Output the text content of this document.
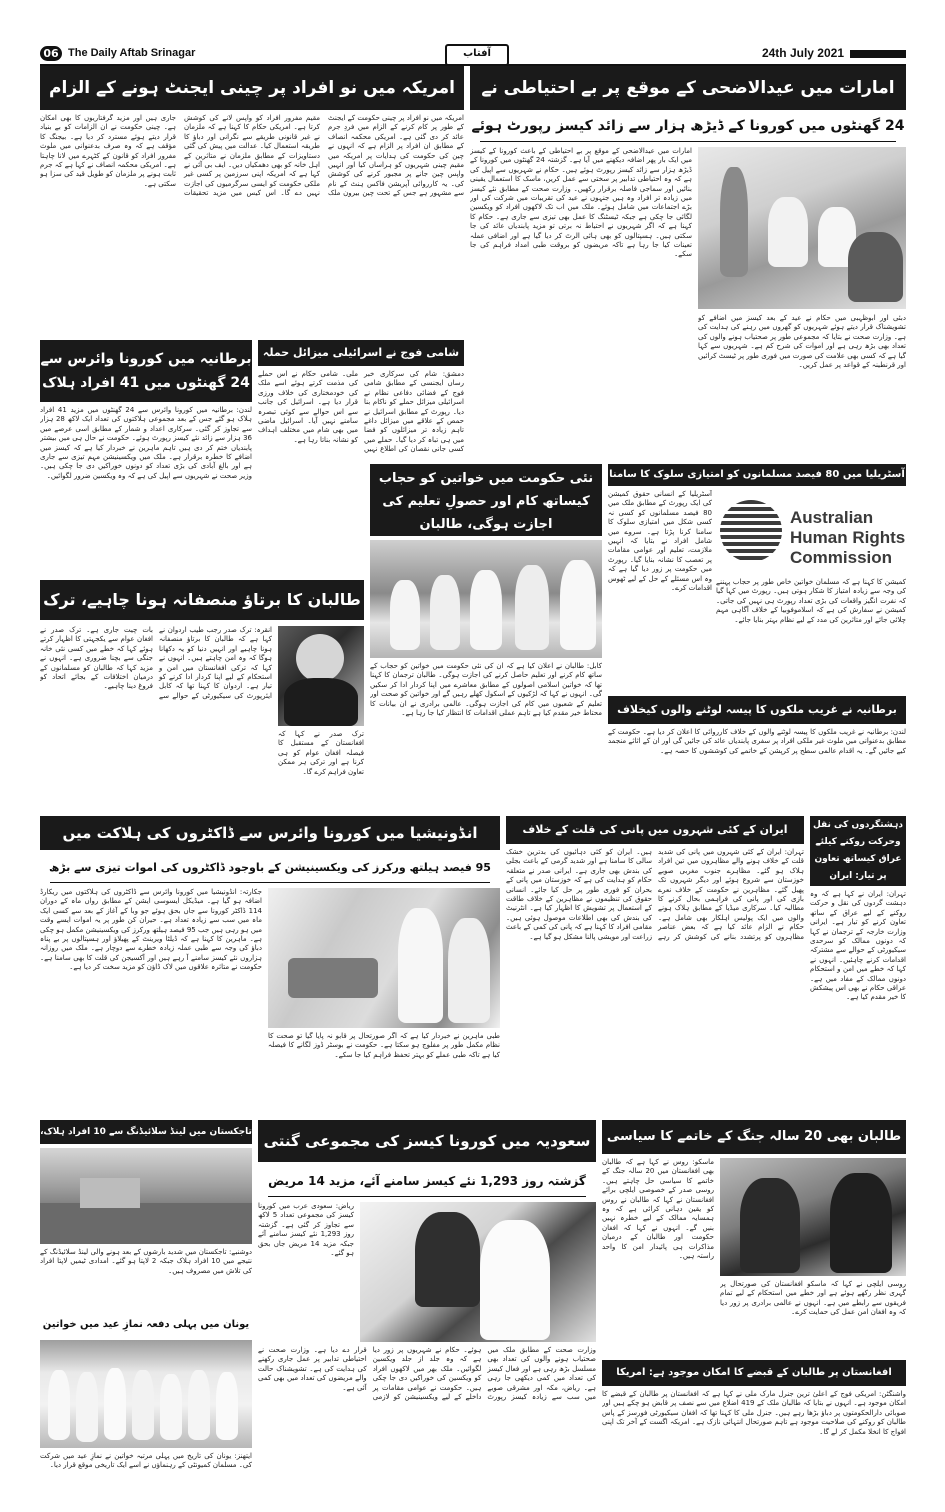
06 The Daily Aftab Srinagar	آفتاب	24th July 2021
امارات میں عیدالاضحی کے موقع پر بے احتیاطی نے
24 گھنٹوں میں کورونا کے ڈیڑھ ہزار سے زائد کیسز رپورٹ ہوئے
امارات میں عیدالاضحی کے موقع پر بے احتیاطی کے باعث کورونا کے کیسز میں ایک بار پھر اضافہ دیکھنے میں آیا ہے۔ گزشتہ 24 گھنٹوں میں کورونا کے ڈیڑھ ہزار سے زائد کیسز رپورٹ ہوئے ہیں۔ حکام نے شہریوں سے اپیل کی ہے کہ وہ احتیاطی تدابیر پر سختی سے عمل کریں، ماسک کا استعمال یقینی بنائیں اور سماجی فاصلہ برقرار رکھیں۔ وزارت صحت کے مطابق نئے کیسز میں زیادہ تر افراد وہ ہیں جنہوں نے عید کی تقریبات میں شرکت کی اور بڑے اجتماعات میں شامل ہوئے۔ ملک میں اب تک لاکھوں افراد کو ویکسین لگائی جا چکی ہے جبکہ ٹیسٹنگ کا عمل بھی تیزی سے جاری ہے۔ حکام کا کہنا ہے کہ اگر شہریوں نے احتیاط نہ برتی تو مزید پابندیاں عائد کی جا سکتی ہیں۔ ہسپتالوں کو بھی ہائی الرٹ کر دیا گیا ہے اور اضافی عملہ تعینات کیا جا رہا ہے تاکہ مریضوں کو بروقت طبی امداد فراہم کی جا سکے۔
دبئی اور ابوظہبی میں حکام نے عید کے بعد کیسز میں اضافے کو تشویشناک قرار دیتے ہوئے شہریوں کو گھروں میں رہنے کی ہدایت کی ہے۔ وزارت صحت نے بتایا کہ مجموعی طور پر صحتیاب ہونے والوں کی تعداد بھی بڑھ رہی ہے اور اموات کی شرح کم ہے۔ شہریوں سے کہا گیا ہے کہ کسی بھی علامت کی صورت میں فوری طور پر ٹیسٹ کرائیں اور قرنطینہ کے قواعد پر عمل کریں۔
امریکہ میں نو افراد پر چینی ایجنٹ ہونے کے الزام
امریکہ میں نو افراد پر چینی حکومت کے ایجنٹ کے طور پر کام کرنے کے الزام میں فردِ جرم عائد کر دی گئی ہے۔ امریکی محکمہ انصاف کے مطابق ان افراد پر الزام ہے کہ انہوں نے چین کی حکومت کی ہدایات پر امریکہ میں مقیم چینی شہریوں کو ہراساں کیا اور انہیں واپس چین جانے پر مجبور کرنے کی کوشش کی۔ یہ کارروائی آپریشن فاکس ہنٹ کے نام سے مشہور ہے جس کے تحت چین بیرون ملک مقیم مفرور افراد کو واپس لانے کی کوشش کرتا ہے۔ امریکی حکام کا کہنا ہے کہ ملزمان نے غیر قانونی طریقے سے نگرانی اور دباؤ کا طریقہ استعمال کیا۔ عدالت میں پیش کی گئی دستاویزات کے مطابق ملزمان نے متاثرین کے اہل خانہ کو بھی دھمکیاں دیں۔ ایف بی آئی نے کہا ہے کہ امریکہ اپنی سرزمین پر کسی غیر ملکی حکومت کو ایسی سرگرمیوں کی اجازت نہیں دے گا۔ اس کیس میں مزید تحقیقات جاری ہیں اور مزید گرفتاریوں کا بھی امکان ہے۔ چینی حکومت نے ان الزامات کو بے بنیاد قرار دیتے ہوئے مسترد کر دیا ہے۔ بیجنگ کا مؤقف ہے کہ وہ صرف بدعنوانی میں ملوث مفرور افراد کو قانون کے کٹہرے میں لانا چاہتا ہے۔ امریکی محکمہ انصاف نے کہا ہے کہ جرم ثابت ہونے پر ملزمان کو طویل قید کی سزا ہو سکتی ہے۔
برطانیہ میں کورونا وائرس سے 24 گھنٹوں میں 41 افراد ہلاک
لندن: برطانیہ میں کورونا وائرس سے 24 گھنٹوں میں مزید 41 افراد ہلاک ہو گئے جس کے بعد مجموعی ہلاکتوں کی تعداد ایک لاکھ 28 ہزار سے تجاوز کر گئی۔ سرکاری اعداد و شمار کے مطابق اسی عرصے میں 36 ہزار سے زائد نئے کیسز رپورٹ ہوئے۔ حکومت نے حال ہی میں بیشتر پابندیاں ختم کر دی ہیں تاہم ماہرین نے خبردار کیا ہے کہ کیسز میں اضافے کا خطرہ برقرار ہے۔ ملک میں ویکسینیشن مہم تیزی سے جاری ہے اور بالغ آبادی کی بڑی تعداد کو دونوں خوراکیں دی جا چکی ہیں۔ وزیر صحت نے شہریوں سے اپیل کی ہے کہ وہ ویکسین ضرور لگوائیں۔
شامی فوج نے اسرائیلی میزائل حملہ
دمشق: شام کی سرکاری خبر رساں ایجنسی کے مطابق شامی فوج کے فضائی دفاعی نظام نے اسرائیلی میزائل حملے کو ناکام بنا دیا۔ رپورٹ کے مطابق اسرائیل نے حمص کے علاقے میں میزائل داغے تاہم زیادہ تر میزائلوں کو فضا میں ہی تباہ کر دیا گیا۔ حملے میں کسی جانی نقصان کی اطلاع نہیں ملی۔ شامی حکام نے اس حملے کی مذمت کرتے ہوئے اسے ملک کی خودمختاری کی خلاف ورزی قرار دیا ہے۔ اسرائیل کی جانب سے اس حوالے سے کوئی تبصرہ سامنے نہیں آیا۔ اسرائیل ماضی میں بھی شام میں مختلف اہداف کو نشانہ بناتا رہا ہے۔
آسٹریلیا میں 80 فیصد مسلمانوں کو امتیازی سلوک کا سامنا
Australian
Human Rights
Commission
آسٹریلیا کے انسانی حقوق کمیشن کی ایک رپورٹ کے مطابق ملک میں 80 فیصد مسلمانوں کو کسی نہ کسی شکل میں امتیازی سلوک کا سامنا کرنا پڑتا ہے۔ سروے میں شامل افراد نے بتایا کہ انہیں ملازمت، تعلیم اور عوامی مقامات پر تعصب کا نشانہ بنایا گیا۔ رپورٹ میں حکومت پر زور دیا گیا ہے کہ وہ اس مسئلے کے حل کے لیے ٹھوس اقدامات کرے۔
کمیشن کا کہنا ہے کہ مسلمان خواتین خاص طور پر حجاب پہننے کی وجہ سے زیادہ امتیاز کا شکار ہوتی ہیں۔ رپورٹ میں کہا گیا کہ نفرت انگیز واقعات کی بڑی تعداد رپورٹ ہی نہیں کی جاتی۔ کمیشن نے سفارش کی ہے کہ اسلاموفوبیا کے خلاف آگاہی مہم چلائی جائے اور متاثرین کی مدد کے لیے نظام بہتر بنایا جائے۔
نئی حکومت میں خواتین کو حجاب کیساتھ کام اور حصولِ تعلیم کی اجازت ہوگی، طالبان
کابل: طالبان نے اعلان کیا ہے کہ ان کی نئی حکومت میں خواتین کو حجاب کے ساتھ کام کرنے اور تعلیم حاصل کرنے کی اجازت ہوگی۔ طالبان ترجمان کا کہنا تھا کہ خواتین اسلامی اصولوں کے مطابق معاشرے میں اپنا کردار ادا کر سکیں گی۔ انہوں نے کہا کہ لڑکیوں کے اسکول کھلے رہیں گے اور خواتین کو صحت اور تعلیم کے شعبوں میں کام کی اجازت ہوگی۔ عالمی برادری نے ان بیانات کا محتاط خیر مقدم کیا ہے تاہم عملی اقدامات کا انتظار کیا جا رہا ہے۔
طالبان کا برتاؤ منصفانہ ہونا چاہیے، ترک
انقرہ: ترک صدر رجب طیب اردوان نے کہا ہے کہ طالبان کا برتاؤ منصفانہ ہونا چاہیے اور انہیں دنیا کو یہ دکھانا ہوگا کہ وہ امن چاہتے ہیں۔ انہوں نے کہا کہ ترکی افغانستان میں امن و استحکام کے لیے اپنا کردار ادا کرنے کو تیار ہے۔ اردوان کا کہنا تھا کہ کابل ایئرپورٹ کی سیکیورٹی کے حوالے سے بات چیت جاری ہے۔ ترک صدر نے افغان عوام سے یکجہتی کا اظہار کرتے ہوئے کہا کہ خطے میں کسی نئی خانہ جنگی سے بچنا ضروری ہے۔ انہوں نے مزید کہا کہ طالبان کو مسلمانوں کے درمیان اختلافات کے بجائے اتحاد کو فروغ دینا چاہیے۔
ترک صدر نے کہا کہ افغانستان کے مستقبل کا فیصلہ افغان عوام کو ہی کرنا ہے اور ترکی ہر ممکن تعاون فراہم کرے گا۔
برطانیہ نے غریب ملکوں کا پیسہ لوٹنے والوں کیخلاف
لندن: برطانیہ نے غریب ملکوں کا پیسہ لوٹنے والوں کے خلاف کارروائی کا اعلان کر دیا ہے۔ حکومت کے مطابق بدعنوانی میں ملوث غیر ملکی افراد پر سفری پابندیاں عائد کی جائیں گی اور ان کے اثاثے منجمد کیے جائیں گے۔ یہ اقدام عالمی سطح پر کرپشن کے خاتمے کی کوششوں کا حصہ ہے۔
انڈونیشیا میں کورونا وائرس سے ڈاکٹروں کی ہلاکت میں
95 فیصد ہیلتھ ورکرز کی ویکسینیشن کے باوجود ڈاکٹروں کی اموات تیزی سے بڑھ
جکارتہ: انڈونیشیا میں کورونا وائرس سے ڈاکٹروں کی ہلاکتوں میں ریکارڈ اضافہ ہو گیا ہے۔ میڈیکل ایسوسی ایشن کے مطابق رواں ماہ کے دوران 114 ڈاکٹر کورونا سے جاں بحق ہوئے جو وبا کے آغاز کے بعد سے کسی ایک ماہ میں سب سے زیادہ تعداد ہے۔ حیران کن طور پر یہ اموات ایسے وقت میں ہو رہی ہیں جب 95 فیصد ہیلتھ ورکرز کی ویکسینیشن مکمل ہو چکی ہے۔ ماہرین کا کہنا ہے کہ ڈیلٹا ویرینٹ کے پھیلاؤ اور ہسپتالوں پر بے پناہ دباؤ کی وجہ سے طبی عملہ زیادہ خطرے سے دوچار ہے۔ ملک میں روزانہ ہزاروں نئے کیسز سامنے آ رہے ہیں اور آکسیجن کی قلت کا بھی سامنا ہے۔ حکومت نے متاثرہ علاقوں میں لاک ڈاؤن کو مزید سخت کر دیا ہے۔
طبی ماہرین نے خبردار کیا ہے کہ اگر صورتحال پر قابو نہ پایا گیا تو صحت کا نظام مکمل طور پر مفلوج ہو سکتا ہے۔ حکومت نے بوسٹر ڈوز لگانے کا فیصلہ کیا ہے تاکہ طبی عملے کو بہتر تحفظ فراہم کیا جا سکے۔
ایران کے کئی شہروں میں پانی کی قلت کے خلاف
تہران: ایران کے کئی شہروں میں پانی کی شدید قلت کے خلاف ہونے والے مظاہروں میں تین افراد ہلاک ہو گئے۔ مظاہرے جنوب مغربی صوبے خوزستان سے شروع ہوئے اور دیگر شہروں تک پھیل گئے۔ مظاہرین نے حکومت کے خلاف نعرے بازی کی اور پانی کی فراہمی بحال کرنے کا مطالبہ کیا۔ سرکاری میڈیا کے مطابق ہلاک ہونے والوں میں ایک پولیس اہلکار بھی شامل ہے۔ حکام نے الزام عائد کیا ہے کہ بعض عناصر مظاہروں کو پرتشدد بنانے کی کوشش کر رہے ہیں۔ ایران کو کئی دہائیوں کی بدترین خشک سالی کا سامنا ہے اور شدید گرمی کے باعث بجلی کی بندش بھی جاری ہے۔ ایرانی صدر نے متعلقہ حکام کو ہدایت کی ہے کہ خوزستان میں پانی کے بحران کو فوری طور پر حل کیا جائے۔ انسانی حقوق کی تنظیموں نے مظاہرین کے خلاف طاقت کے استعمال پر تشویش کا اظہار کیا ہے۔ انٹرنیٹ کی بندش کی بھی اطلاعات موصول ہوئی ہیں۔ مقامی افراد کا کہنا ہے کہ پانی کی کمی کے باعث زراعت اور مویشی پالنا مشکل ہو گیا ہے۔
دہشتگردوں کی نقل وحرکت روکنے کیلئے عراق کیساتھ تعاون پر تیار: ایران
تہران: ایران نے کہا ہے کہ وہ دہشت گردوں کی نقل و حرکت روکنے کے لیے عراق کے ساتھ تعاون کرنے کو تیار ہے۔ ایرانی وزارت خارجہ کے ترجمان نے کہا کہ دونوں ممالک کو سرحدی سیکیورٹی کے حوالے سے مشترکہ اقدامات کرنے چاہئیں۔ انہوں نے کہا کہ خطے میں امن و استحکام دونوں ممالک کے مفاد میں ہے۔ عراقی حکام نے بھی اس پیشکش کا خیر مقدم کیا ہے۔
تاجکستان میں لینڈ سلائیڈنگ سے 10 افراد ہلاک،
دوشنبے: تاجکستان میں شدید بارشوں کے بعد ہونے والی لینڈ سلائیڈنگ کے نتیجے میں 10 افراد ہلاک جبکہ 2 لاپتا ہو گئے۔ امدادی ٹیمیں لاپتا افراد کی تلاش میں مصروف ہیں۔
یونان میں پہلی دفعہ نمازِ عید میں خواتین
ایتھنز: یونان کی تاریخ میں پہلی مرتبہ خواتین نے نمازِ عید میں شرکت کی۔ مسلمان کمیونٹی کے رہنماؤں نے اسے ایک تاریخی موقع قرار دیا۔
سعودیہ میں کورونا کیسز کی مجموعی گنتی
گزشتہ روز 1,293 نئے کیسز سامنے آئے، مزید 14 مریض
ریاض: سعودی عرب میں کورونا کیسز کی مجموعی تعداد 5 لاکھ سے تجاوز کر گئی ہے۔ گزشتہ روز 1,293 نئے کیسز سامنے آئے جبکہ مزید 14 مریض جاں بحق ہو گئے۔
وزارت صحت کے مطابق ملک میں صحتیاب ہونے والوں کی تعداد بھی مسلسل بڑھ رہی ہے اور فعال کیسز کی تعداد میں کمی دیکھی جا رہی ہے۔ ریاض، مکہ اور مشرقی صوبے میں سب سے زیادہ کیسز رپورٹ ہوئے۔ حکام نے شہریوں پر زور دیا ہے کہ وہ جلد از جلد ویکسین لگوائیں۔ ملک بھر میں لاکھوں افراد کو ویکسین کی خوراکیں دی جا چکی ہیں۔ حکومت نے عوامی مقامات پر داخلے کے لیے ویکسینیشن کو لازمی قرار دے دیا ہے۔ وزارت صحت نے احتیاطی تدابیر پر عمل جاری رکھنے کی ہدایت کی ہے۔ تشویشناک حالت والے مریضوں کی تعداد میں بھی کمی آئی ہے۔
طالبان بھی 20 سالہ جنگ کے خاتمے کا سیاسی
ماسکو: روس نے کہا ہے کہ طالبان بھی افغانستان میں 20 سالہ جنگ کے خاتمے کا سیاسی حل چاہتے ہیں۔ روسی صدر کے خصوصی ایلچی برائے افغانستان نے کہا کہ طالبان نے روس کو یقین دہانی کرائی ہے کہ وہ ہمسایہ ممالک کے لیے خطرہ نہیں بنیں گے۔ انہوں نے کہا کہ افغان حکومت اور طالبان کے درمیان مذاکرات ہی پائیدار امن کا واحد راستہ ہیں۔
روسی ایلچی نے کہا کہ ماسکو افغانستان کی صورتحال پر گہری نظر رکھے ہوئے ہے اور خطے میں استحکام کے لیے تمام فریقوں سے رابطے میں ہے۔ انہوں نے عالمی برادری پر زور دیا کہ وہ افغان امن عمل کی حمایت کرے۔
افغانستان پر طالبان کے قبضے کا امکان موجود ہے: امریکا
واشنگٹن: امریکی فوج کے اعلیٰ ترین جنرل مارک ملی نے کہا ہے کہ افغانستان پر طالبان کے قبضے کا امکان موجود ہے۔ انہوں نے بتایا کہ طالبان ملک کے 419 اضلاع میں سے نصف پر قابض ہو چکے ہیں اور صوبائی دارالحکومتوں پر دباؤ بڑھا رہے ہیں۔ جنرل ملی کا کہنا تھا کہ افغان سیکیورٹی فورسز کے پاس طالبان کو روکنے کی صلاحیت موجود ہے تاہم صورتحال انتہائی نازک ہے۔ امریکہ اگست کے آخر تک اپنی افواج کا انخلا مکمل کر لے گا۔
